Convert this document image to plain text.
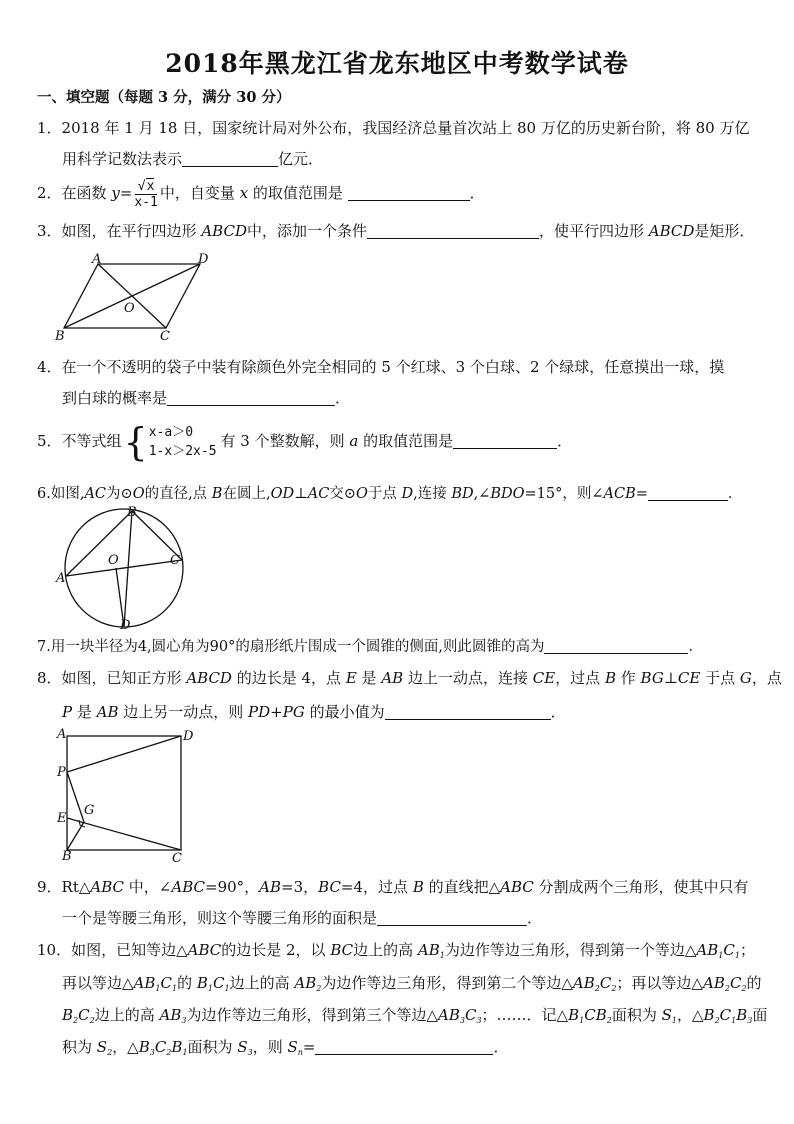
2018年黑龙江省龙东地区中考数学试卷
一、填空题（每题 3 分，满分 30 分）
1．2018 年 1 月 18 日，国家统计局对外公布，我国经济总量首次站上 80 万亿的历史新台阶，将 80 万亿
用科学记数法表示	亿元．
2．在函数 $y= \frac{√x}{x-1}$ 中，自变量 x 的取值范围是	．
3．如图，在平行四边形 ABCD中，添加一个条件	，使平行四边形 ABCD是矩形．
A	D
B	C
O
4．在一个不透明的袋子中装有除颜色外完全相同的 5 个红球、3 个白球、2 个绿球，任意摸出一球，摸
到白球的概率是	．
5．不等式组 { x-a＞0
1-x＞2x-5
有 3 个整数解，则 a 的取值范围是	．
6.如图,AC为⊙O的直径,点 B在圆上,OD⊥AC交⊙O于点 D,连接 BD,∠BDO=15°，则∠ACB=	．
B
C
A
O
D
7.用一块半径为4,圆心角为90°的扇形纸片围成一个圆锥的侧面,则此圆锥的高为	．
8．如图，已知正方形 ABCD 的边长是 4，点 E 是 AB 边上一动点，连接 CE，过点 B 作 BG⊥CE 于点 G，点
P 是 AB 边上另一动点，则 PD+PG 的最小值为	．
A	D
P
E
G
B	C
9．Rt△ABC 中，∠ABC=90°，AB=3，BC=4，过点 B 的直线把△ABC 分割成两个三角形，使其中只有
一个是等腰三角形，则这个等腰三角形的面积是	．
10．如图，已知等边△ABC的边长是 2，以 BC边上的高 $AB_1$为边作等边三角形，得到第一个等边$\triangle AB_1C_1$；
再以等边$\triangle AB_1C_1$的 $B_1C_1$边上的高 $AB_2$为边作等边三角形，得到第二个等边$\triangle AB_2C_2$；再以等边$\triangle AB_2C_2$的
$B_2C_2$边上的高 $AB_3$为边作等边三角形，得到第三个等边$\triangle AB_3C_3$；……．记$\triangle B_1CB_2$面积为 $S_1$，$\triangle B_2C_1B_3$面
积为 $S_2$，$\triangle B_3C_2B_1$面积为 $S_3$，则 $S_n=$	．
